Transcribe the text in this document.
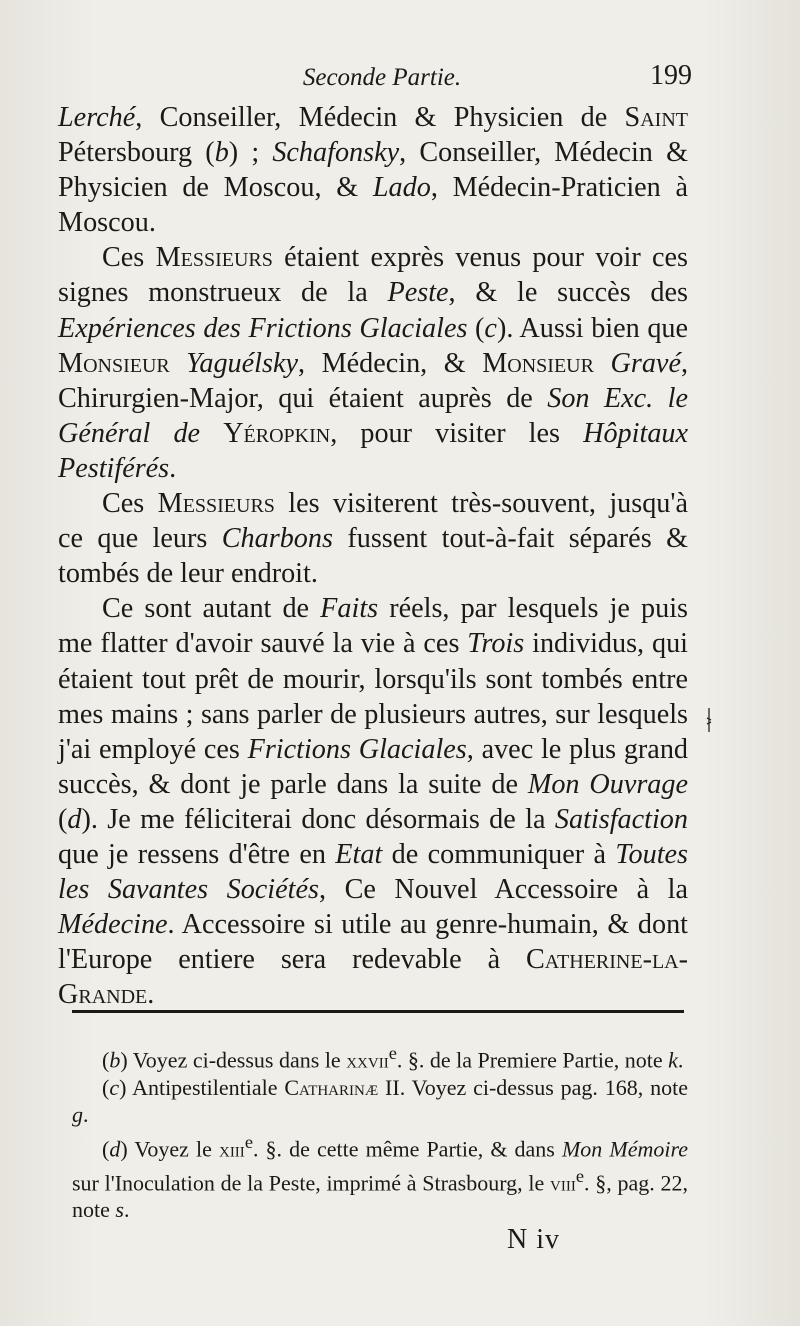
Seconde Partie.	199

Lerché, Conseiller, Médecin & Physicien de Saint Pétersbourg (b) ; Schafonsky, Conseiller, Médecin & Physicien de Moscou, & Lado, Médecin-Praticien à Moscou.

Ces Messieurs étaient exprès venus pour voir ces signes monstrueux de la Peste, & le succès des Expériences des Frictions Glaciales (c). Aussi bien que Monsieur Yaguélsky, Médecin, & Monsieur Gravé, Chirurgien-Major, qui étaient auprès de Son Exc. le Général de Yéropkin, pour visiter les Hôpitaux Pestiférés.

Ces Messieurs les visiterent très-souvent, jusqu'à ce que leurs Charbons fussent tout-à-fait séparés & tombés de leur endroit.

Ce sont autant de Faits réels, par lesquels je puis me flatter d'avoir sauvé la vie à ces Trois individus, qui étaient tout prêt de mourir, lorsqu'ils sont tombés entre mes mains ; sans parler de plusieurs autres, sur lesquels j'ai employé ces Frictions Glaciales, avec le plus grand succès, & dont je parle dans la suite de Mon Ouvrage (d). Je me féliciterai donc désormais de la Satisfaction que je ressens d'être en Etat de communiquer à Toutes les Savantes Sociétés, Ce Nouvel Accessoire à la Médecine. Accessoire si utile au genre-humain, & dont l'Europe entiere sera redevable à Catherine-la-Grande.

(b) Voyez ci-dessus dans le xxvii$^e$. §. de la Premiere Partie, note k.

(c) Antipestilentiale Catharinæ II. Voyez ci-dessus pag. 168, note g.

(d) Voyez le xiii$^e$. §. de cette même Partie, & dans Mon Mémoire sur l'Inoculation de la Peste, imprimé à Strasbourg, le viii$^e$. §, pag. 22, note s.

N iv
